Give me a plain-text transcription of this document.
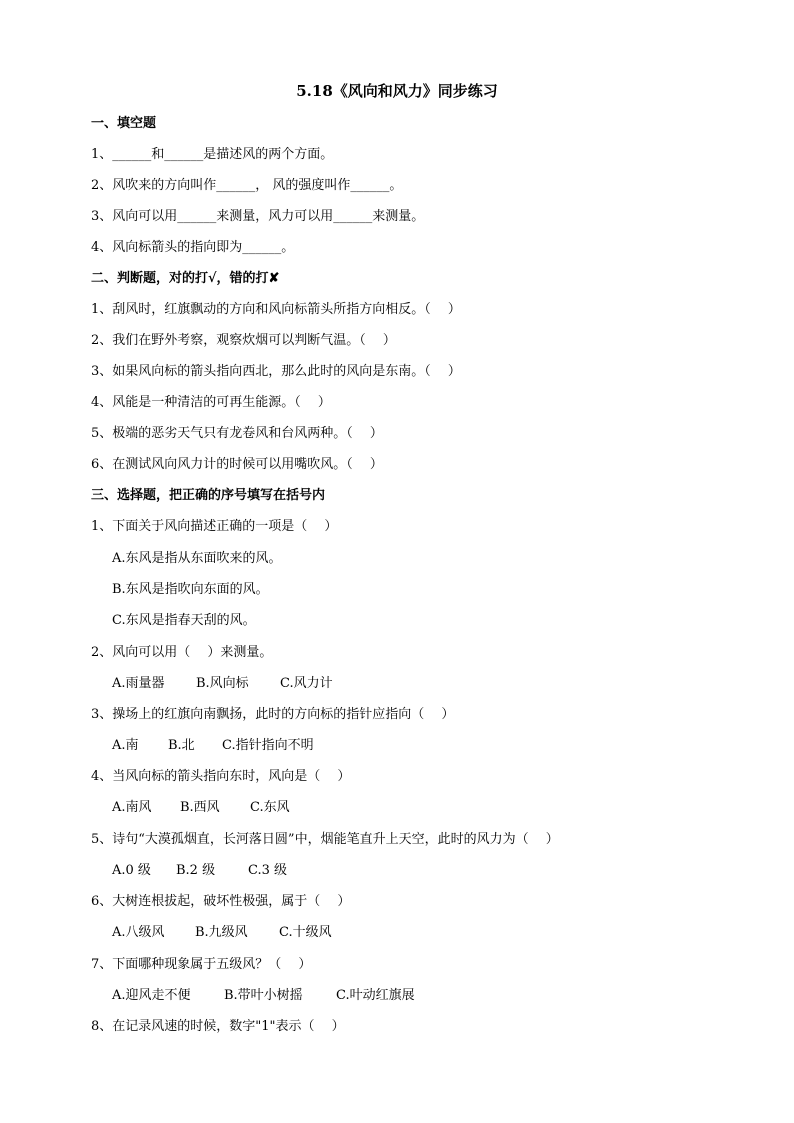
5.18《风向和风力》同步练习
一、填空题
1、______和______是描述风的两个方面。
2、风吹来的方向叫作______， 风的强度叫作______。
3、风向可以用______来测量，风力可以用______来测量。
4、风向标箭头的指向即为______。
二、判断题，对的打√，错的打✘
1、刮风时，红旗飘动的方向和风向标箭头所指方向相反。（　 ）
2、我们在野外考察，观察炊烟可以判断气温。（　 ）
3、如果风向标的箭头指向西北，那么此时的风向是东南。（　 ）
4、风能是一种清洁的可再生能源。（　 ）
5、极端的恶劣天气只有龙卷风和台风两种。（　 ）
6、在测试风向风力计的时候可以用嘴吹风。（　 ）
三、选择题，把正确的序号填写在括号内
1、下面关于风向描述正确的一项是（　 ）
A.东风是指从东面吹来的风。
B.东风是指吹向东面的风。
C.东风是指春天刮的风。
2、风向可以用（　 ）来测量。
A.雨量器 B.风向标 C.风力计
3、操场上的红旗向南飘扬，此时的方向标的指针应指向（　 ）
A.南 B.北 C.指针指向不明
4、当风向标的箭头指向东时，风向是（　 ）
A.南风 B.西风 C.东风
5、诗句“大漠孤烟直，长河落日圆”中，烟能笔直升上天空，此时的风力为（　 ）
A.0 级 B.2 级	C.3 级
6、大树连根拔起，破坏性极强，属于（　 ）
A.八级风 B.九级风 C.十级风
7、下面哪种现象属于五级风？（　 ）
A.迎风走不便	B.带叶小树摇	C.叶动红旗展
8、在记录风速的时候，数字"1"表示（　 ）
